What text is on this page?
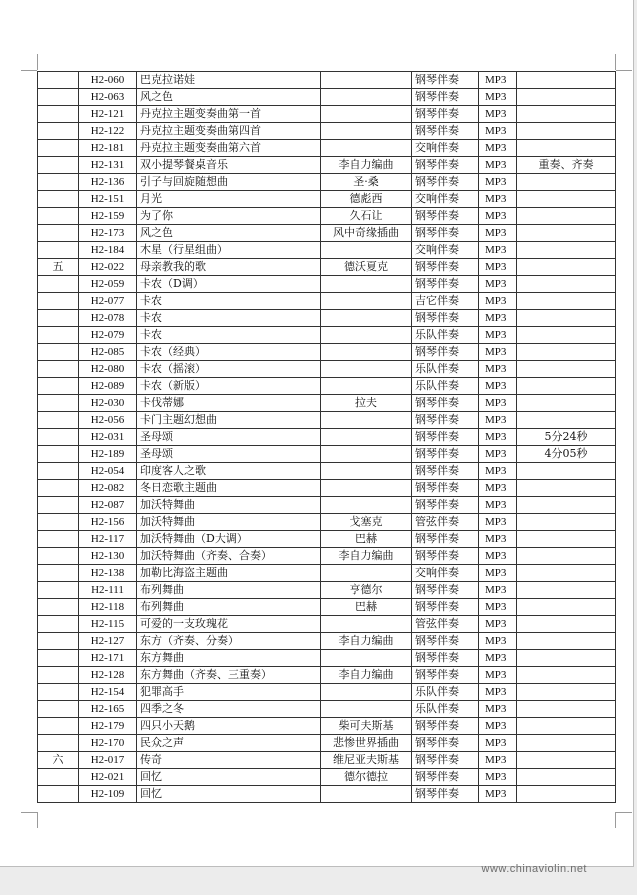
	H2-060	巴克拉诺娃		钢琴伴奏	MP3	
	H2-063	风之色		钢琴伴奏	MP3	
	H2-121	丹克拉主题变奏曲第一首		钢琴伴奏	MP3	
	H2-122	丹克拉主题变奏曲第四首		钢琴伴奏	MP3	
	H2-181	丹克拉主题变奏曲第六首		交响伴奏	MP3	
	H2-131	双小提琴餐桌音乐	李自力编曲	钢琴伴奏	MP3	重奏、齐奏
	H2-136	引子与回旋随想曲	圣·桑	钢琴伴奏	MP3	
	H2-151	月光	德彪西	交响伴奏	MP3	
	H2-159	为了你	久石让	钢琴伴奏	MP3	
	H2-173	风之色	风中奇缘插曲	钢琴伴奏	MP3	
	H2-184	木星（行星组曲）		交响伴奏	MP3	
五	H2-022	母亲教我的歌	德沃夏克	钢琴伴奏	MP3	
	H2-059	卡农（D调）		钢琴伴奏	MP3	
	H2-077	卡农		吉它伴奏	MP3	
	H2-078	卡农		钢琴伴奏	MP3	
	H2-079	卡农		乐队伴奏	MP3	
	H2-085	卡农（经典）		钢琴伴奏	MP3	
	H2-080	卡农（摇滚）		乐队伴奏	MP3	
	H2-089	卡农（新版）		乐队伴奏	MP3	
	H2-030	卡伐蒂娜	拉夫	钢琴伴奏	MP3	
	H2-056	卡门主题幻想曲		钢琴伴奏	MP3	
	H2-031	圣母颂		钢琴伴奏	MP3	5分24秒
	H2-189	圣母颂		钢琴伴奏	MP3	4分05秒
	H2-054	印度客人之歌		钢琴伴奏	MP3	
	H2-082	冬日恋歌主题曲		钢琴伴奏	MP3	
	H2-087	加沃特舞曲		钢琴伴奏	MP3	
	H2-156	加沃特舞曲	戈塞克	管弦伴奏	MP3	
	H2-117	加沃特舞曲（D大调）	巴赫	钢琴伴奏	MP3	
	H2-130	加沃特舞曲（齐奏、合奏）	李自力编曲	钢琴伴奏	MP3	
	H2-138	加勒比海盗主题曲		交响伴奏	MP3	
	H2-111	布列舞曲	亨德尔	钢琴伴奏	MP3	
	H2-118	布列舞曲	巴赫	钢琴伴奏	MP3	
	H2-115	可爱的一支玫瑰花		管弦伴奏	MP3	
	H2-127	东方（齐奏、分奏）	李自力编曲	钢琴伴奏	MP3	
	H2-171	东方舞曲		钢琴伴奏	MP3	
	H2-128	东方舞曲（齐奏、三重奏）	李自力编曲	钢琴伴奏	MP3	
	H2-154	犯罪高手		乐队伴奏	MP3	
	H2-165	四季之冬		乐队伴奏	MP3	
	H2-179	四只小天鹅	柴可夫斯基	钢琴伴奏	MP3	
	H2-170	民众之声	悲惨世界插曲	钢琴伴奏	MP3	
六	H2-017	传奇	维尼亚夫斯基	钢琴伴奏	MP3	
	H2-021	回忆	德尔德拉	钢琴伴奏	MP3	
	H2-109	回忆		钢琴伴奏	MP3	
www.chinaviolin.net
